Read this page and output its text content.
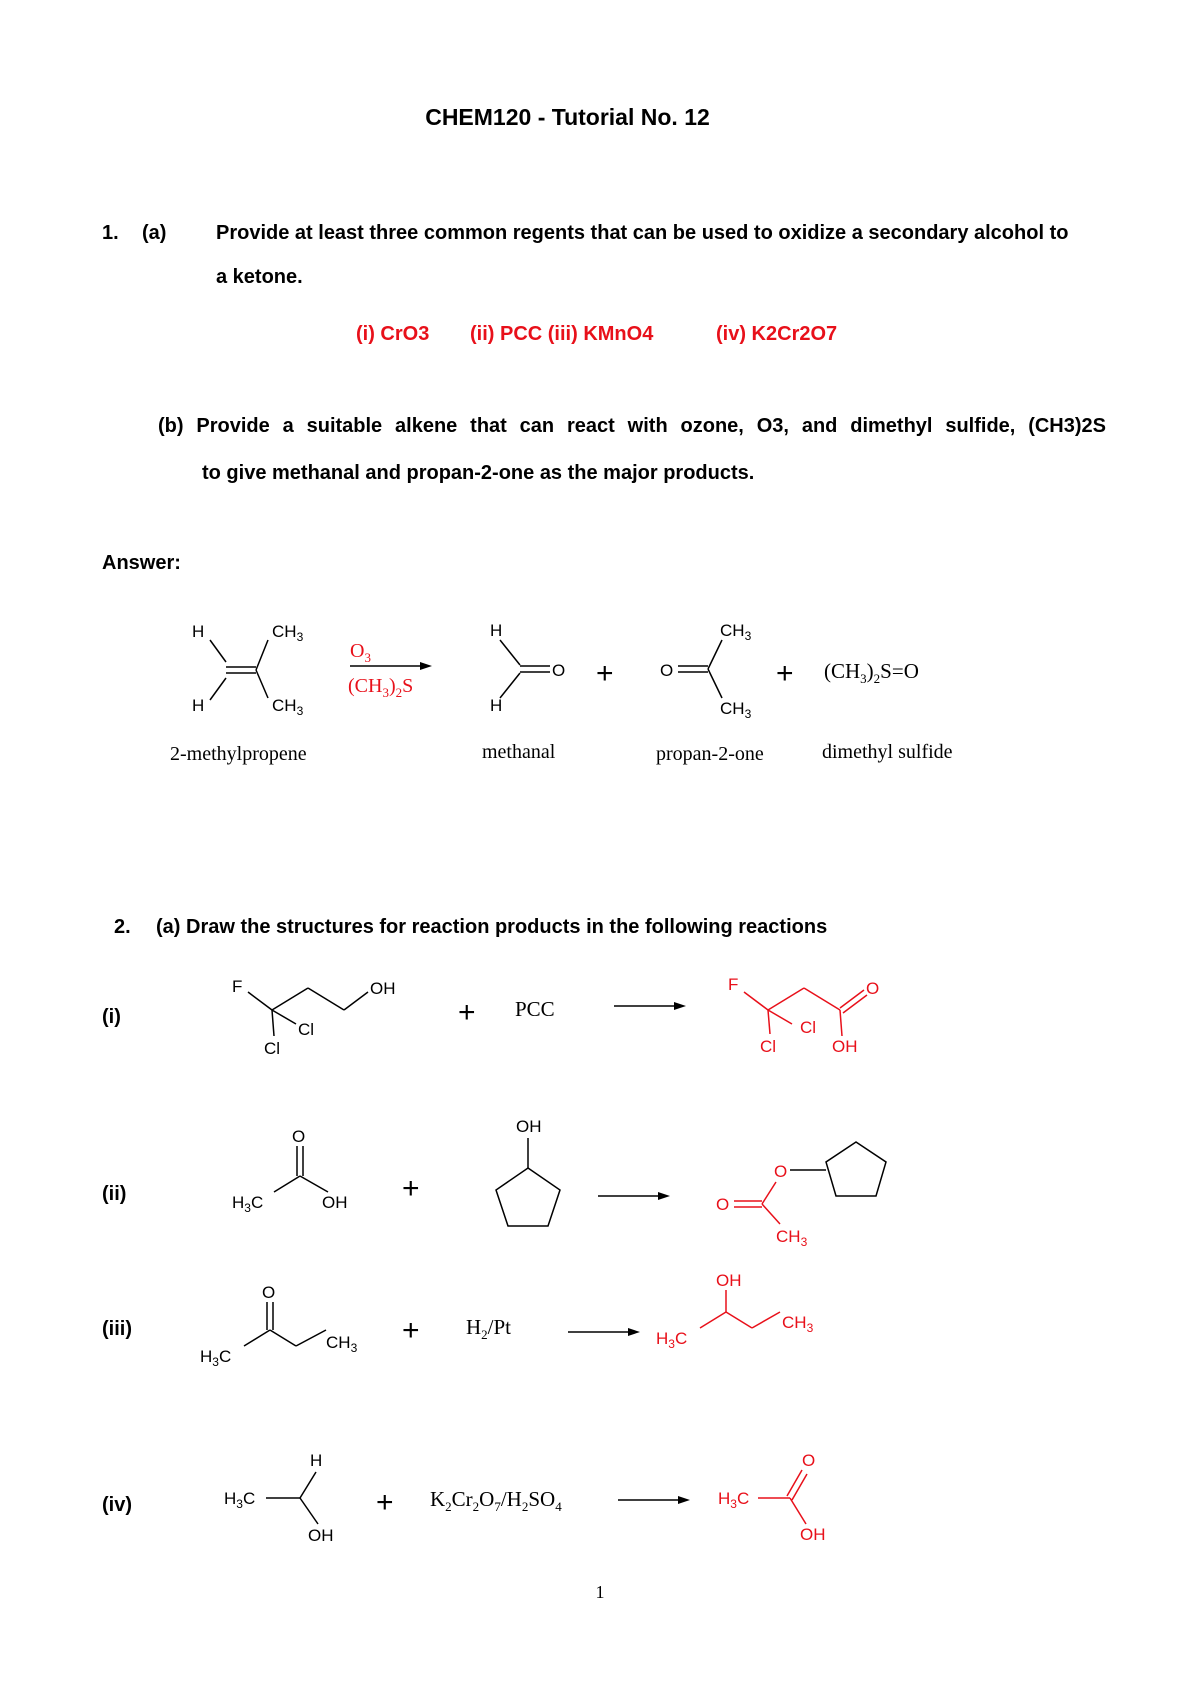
CHEM120 - Tutorial No. 12
1. (a) Provide at least three common regents that can be used to oxidize a secondary alcohol to
a ketone.
(i) CrO3 (ii) PCC (iii) KMnO4	(iv) K2Cr2O7
(b) Provide a suitable alkene that can react with ozone, O3, and dimethyl sulfide, (CH3)2S
to give methanal and propan-2-one as the major products.
Answer:
H
H
$CH_3$
$CH_3$
$O_3$
$(CH_3)_2S$
H
H
O +	O
$CH_3$
$CH_3$
+ $(CH_3)_2S=O$
2-methylpropene	methanal	propan-2-one	dimethyl sulfide
2. (a) Draw the structures for reaction products in the following reactions
(i)
(ii)
(iii)
(iv)
F	OH
Cl
Cl
+ PCC
F	O
Cl
Cl	OH
O
$H_3C$	OH +
OH
O
O
$CH_3$
O
$H_3C$
$CH_3$
+ $H_2/Pt$
OH
$H_3C$
$CH_3$
H
$H_3C$
OH
+ $K_2Cr_2O_7/H_2SO_4$
O
$H_3C$
OH
1
